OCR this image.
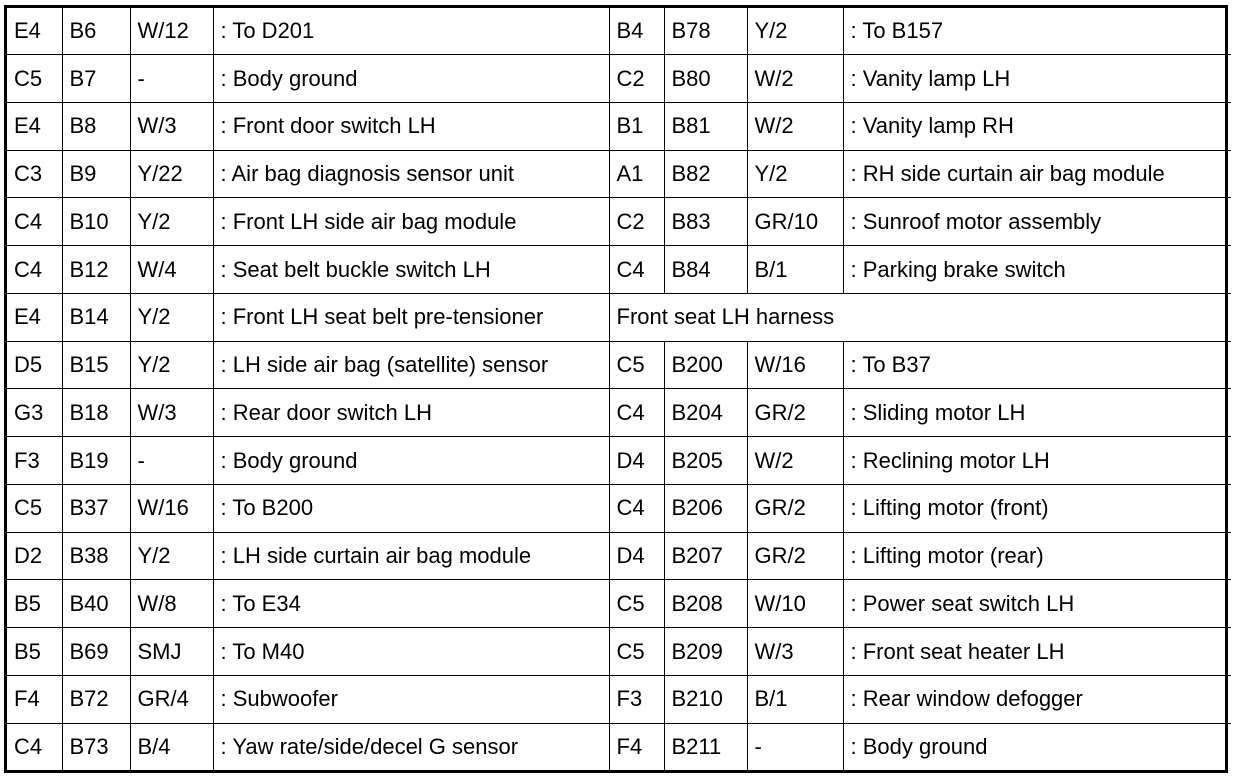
E4	B6	W/12	: To D201	B4	B78	Y/2	: To B157
C5	B7	-	: Body ground	C2	B80	W/2	: Vanity lamp LH
E4	B8	W/3	: Front door switch LH	B1	B81	W/2	: Vanity lamp RH
C3	B9	Y/22	: Air bag diagnosis sensor unit	A1	B82	Y/2	: RH side curtain air bag module
C4	B10	Y/2	: Front LH side air bag module	C2	B83	GR/10	: Sunroof motor assembly
C4	B12	W/4	: Seat belt buckle switch LH	C4	B84	B/1	: Parking brake switch
E4	B14	Y/2	: Front LH seat belt pre-tensioner	Front seat LH harness			
D5	B15	Y/2	: LH side air bag (satellite) sensor	C5	B200	W/16	: To B37
G3	B18	W/3	: Rear door switch LH	C4	B204	GR/2	: Sliding motor LH
F3	B19	-	: Body ground	D4	B205	W/2	: Reclining motor LH
C5	B37	W/16	: To B200	C4	B206	GR/2	: Lifting motor (front)
D2	B38	Y/2	: LH side curtain air bag module	D4	B207	GR/2	: Lifting motor (rear)
B5	B40	W/8	: To E34	C5	B208	W/10	: Power seat switch LH
B5	B69	SMJ	: To M40	C5	B209	W/3	: Front seat heater LH
F4	B72	GR/4	: Subwoofer	F3	B210	B/1	: Rear window defogger
C4	B73	B/4	: Yaw rate/side/decel G sensor	F4	B211	-	: Body ground
